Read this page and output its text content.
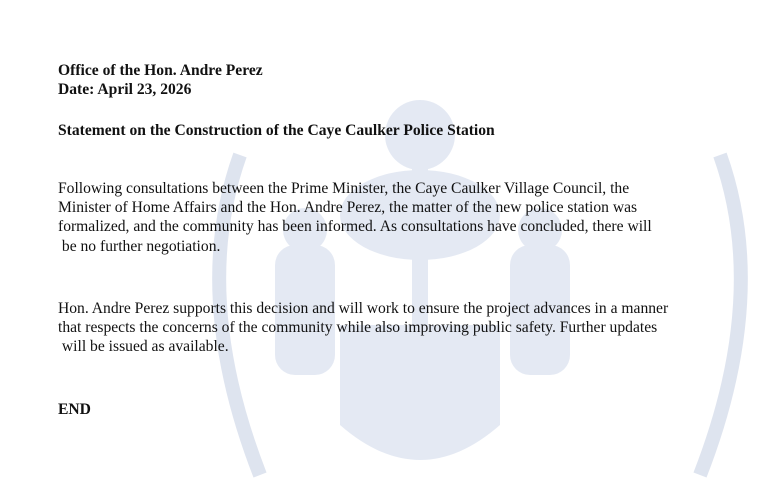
Office of the Hon. Andre Perez
Date: April 23, 2026
Statement on the Construction of the Caye Caulker Police Station
Following consultations between the Prime Minister, the Caye Caulker Village Council, the
Minister of Home Affairs and the Hon. Andre Perez, the matter of the new police station was
formalized, and the community has been informed. As consultations have concluded, there will
be no further negotiation.
Hon. Andre Perez supports this decision and will work to ensure the project advances in a manner
that respects the concerns of the community while also improving public safety. Further updates
will be issued as available.
END
